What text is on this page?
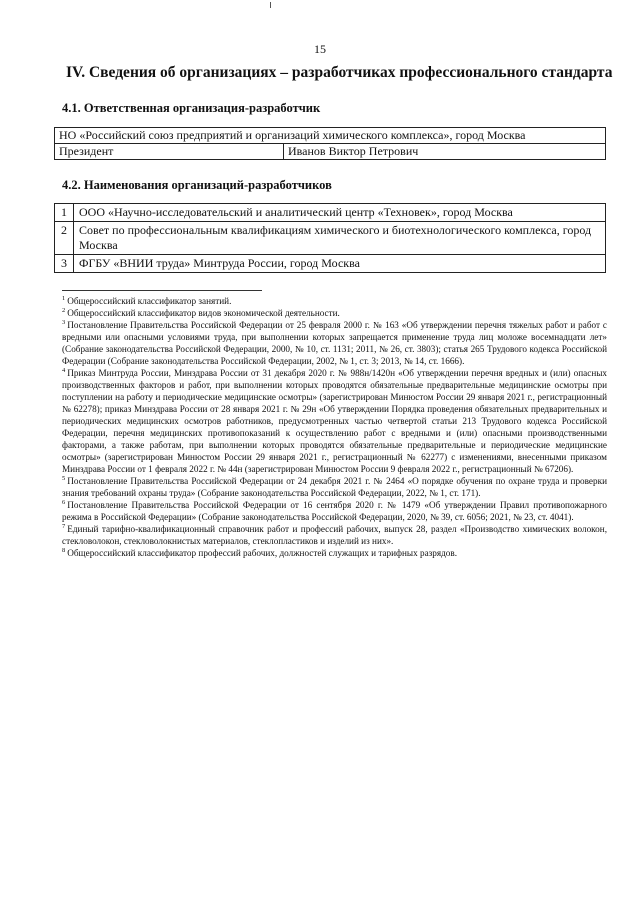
15
IV. Сведения об организациях – разработчиках профессионального стандарта
4.1. Ответственная организация-разработчик
НО «Российский союз предприятий и организаций химического комплекса», город Москва
Президент	Иванов Виктор Петрович
4.2. Наименования организаций-разработчиков
1	ООО «Научно-исследовательский и аналитический центр «Техновек», город Москва
2	Совет по профессиональным квалификациям химического и биотехнологического комплекса, город Москва
3	ФГБУ «ВНИИ труда» Минтруда России, город Москва

$^1$ Общероссийский классификатор занятий.

$^2$ Общероссийский классификатор видов экономической деятельности.

$^3$ Постановление Правительства Российской Федерации от 25 февраля 2000 г. № 163 «Об утверждении перечня тяжелых работ и работ с вредными или опасными условиями труда, при выполнении которых запрещается применение труда лиц моложе восемнадцати лет» (Собрание законодательства Российской Федерации, 2000, № 10, ст. 1131; 2011, № 26, ст. 3803); статья 265 Трудового кодекса Российской Федерации (Собрание законодательства Российской Федерации, 2002, № 1, ст. 3; 2013, № 14, ст. 1666).

$^4$ Приказ Минтруда России, Минздрава России от 31 декабря 2020 г. № 988н/1420н «Об утверждении перечня вредных и (или) опасных производственных факторов и работ, при выполнении которых проводятся обязательные предварительные медицинские осмотры при поступлении на работу и периодические медицинские осмотры» (зарегистрирован Минюстом России 29 января 2021 г., регистрационный № 62278); приказ Минздрава России от 28 января 2021 г. № 29н «Об утверждении Порядка проведения обязательных предварительных и периодических медицинских осмотров работников, предусмотренных частью четвертой статьи 213 Трудового кодекса Российской Федерации, перечня медицинских противопоказаний к осуществлению работ с вредными и (или) опасными производственными факторами, а также работам, при выполнении которых проводятся обязательные предварительные и периодические медицинские осмотры» (зарегистрирован Минюстом России 29 января 2021 г., регистрационный № 62277) с изменениями, внесенными приказом Минздрава России от 1 февраля 2022 г. № 44н (зарегистрирован Минюстом России 9 февраля 2022 г., регистрационный № 67206).

$^5$ Постановление Правительства Российской Федерации от 24 декабря 2021 г. № 2464 «О порядке обучения по охране труда и проверки знания требований охраны труда» (Собрание законодательства Российской Федерации, 2022, № 1, ст. 171).

$^6$ Постановление Правительства Российской Федерации от 16 сентября 2020 г. № 1479 «Об утверждении Правил противопожарного режима в Российской Федерации» (Собрание законодательства Российской Федерации, 2020, № 39, ст. 6056; 2021, № 23, ст. 4041).

$^7$ Единый тарифно-квалификационный справочник работ и профессий рабочих, выпуск 28, раздел «Производство химических волокон, стекловолокон, стекловолокнистых материалов, стеклопластиков и изделий из них».

$^8$ Общероссийский классификатор профессий рабочих, должностей служащих и тарифных разрядов.
